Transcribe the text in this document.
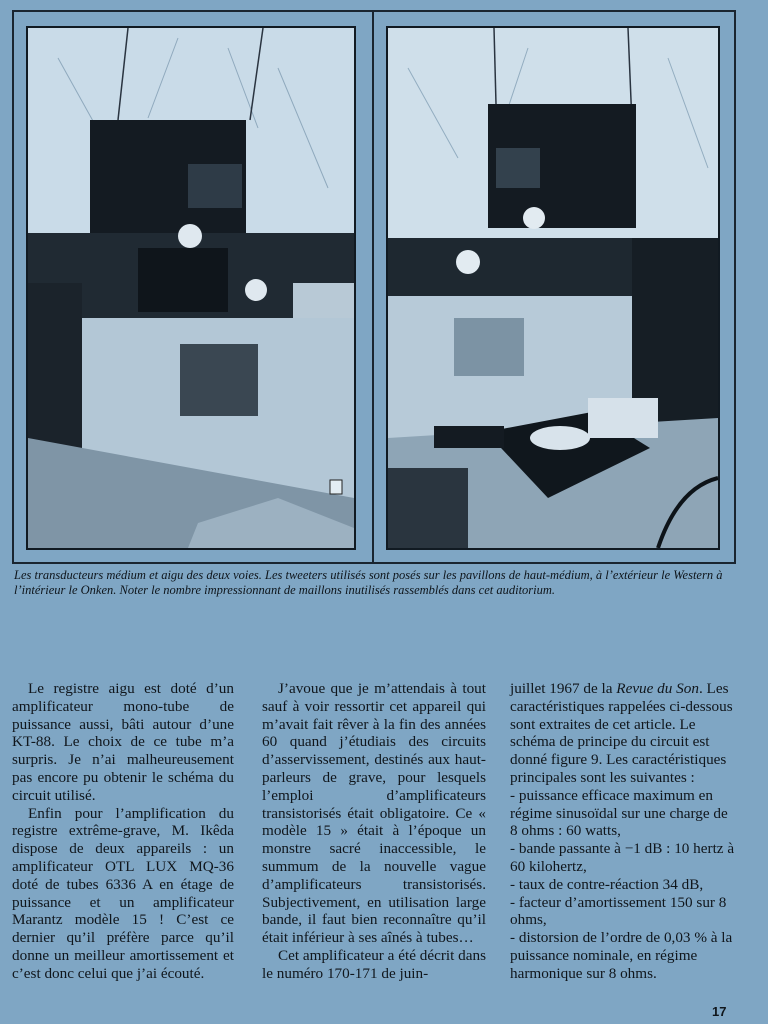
Les transducteurs médium et aigu des deux voies. Les tweeters utilisés sont posés sur les pavillons de haut-médium, à l’extérieur le Western à l’intérieur le Onken. Noter le nombre impressionnant de maillons inutilisés rassemblés dans cet auditorium.

Le registre aigu est doté d’un amplificateur mono-tube de puissance aussi, bâti autour d’une KT-88. Le choix de ce tube m’a surpris. Je n’ai malheureusement pas encore pu obtenir le schéma du circuit utilisé.

Enfin pour l’amplification du registre extrême-grave, M. Ikêda dispose de deux appareils : un amplificateur OTL LUX MQ-36 doté de tubes 6336 A en étage de puissance et un amplificateur Marantz modèle 15 ! C’est ce dernier qu’il préfère parce qu’il donne un meilleur amortissement et c’est donc celui que j’ai écouté.

J’avoue que je m’attendais à tout sauf à voir ressortir cet appareil qui m’avait fait rêver à la fin des années 60 quand j’étudiais des circuits d’asservissement, destinés aux haut-parleurs de grave, pour lesquels l’emploi d’amplificateurs transistorisés était obligatoire. Ce « modèle 15 » était à l’époque un monstre sacré inaccessible, le summum de la nouvelle vague d’amplificateurs transistorisés. Subjectivement, en utilisation large bande, il faut bien reconnaître qu’il était inférieur à ses aînés à tubes…

Cet amplificateur a été décrit dans le numéro 170-171 de juin-

juillet 1967 de la Revue du Son. Les caractéristiques rappelées ci-dessous sont extraites de cet article. Le schéma de principe du circuit est donné figure 9. Les caractéristiques principales sont les suivantes :

- puissance efficace maximum en régime sinusoïdal sur une charge de 8 ohms : 60 watts,

- bande passante à −1 dB : 10 hertz à 60 kilohertz,

- taux de contre-réaction 34 dB,

- facteur d’amortissement 150 sur 8 ohms,

- distorsion de l’ordre de 0,03 % à la puissance nominale, en régime harmonique sur 8 ohms.

17
